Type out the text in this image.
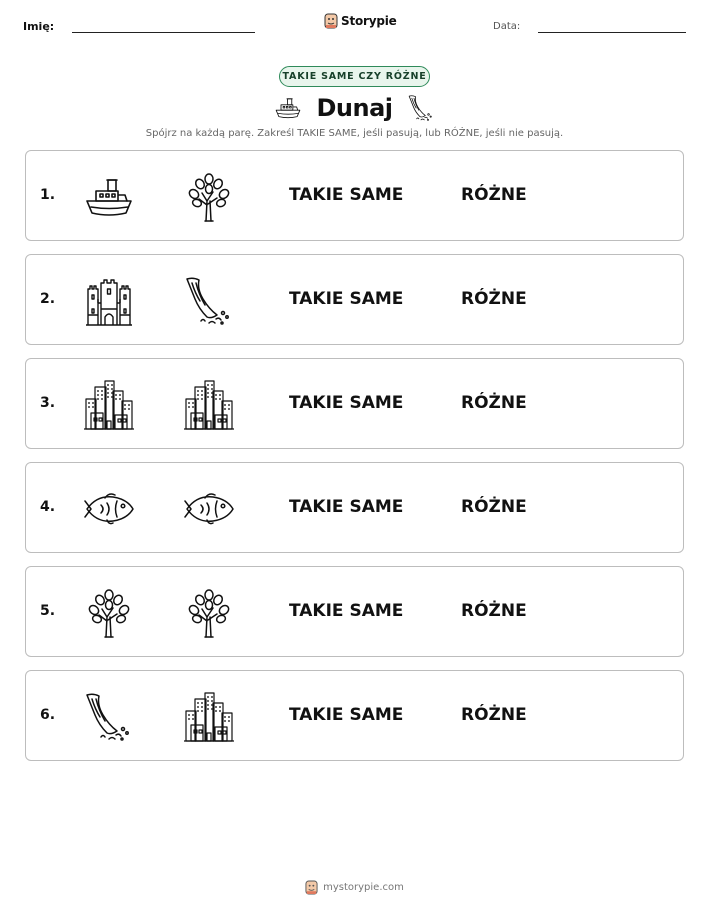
Imię:	Storypie	Data:
TAKIE SAME CZY RÓŻNE
Dunaj
Spójrz na każdą parę. Zakreśl TAKIE SAME, jeśli pasują, lub RÓŻNE, jeśli nie pasują.
1.	TAKIE SAME	RÓŻNE
2.	TAKIE SAME	RÓŻNE
3.	TAKIE SAME	RÓŻNE
4.	TAKIE SAME	RÓŻNE
5.	TAKIE SAME	RÓŻNE
6.	TAKIE SAME	RÓŻNE
mystorypie.com
